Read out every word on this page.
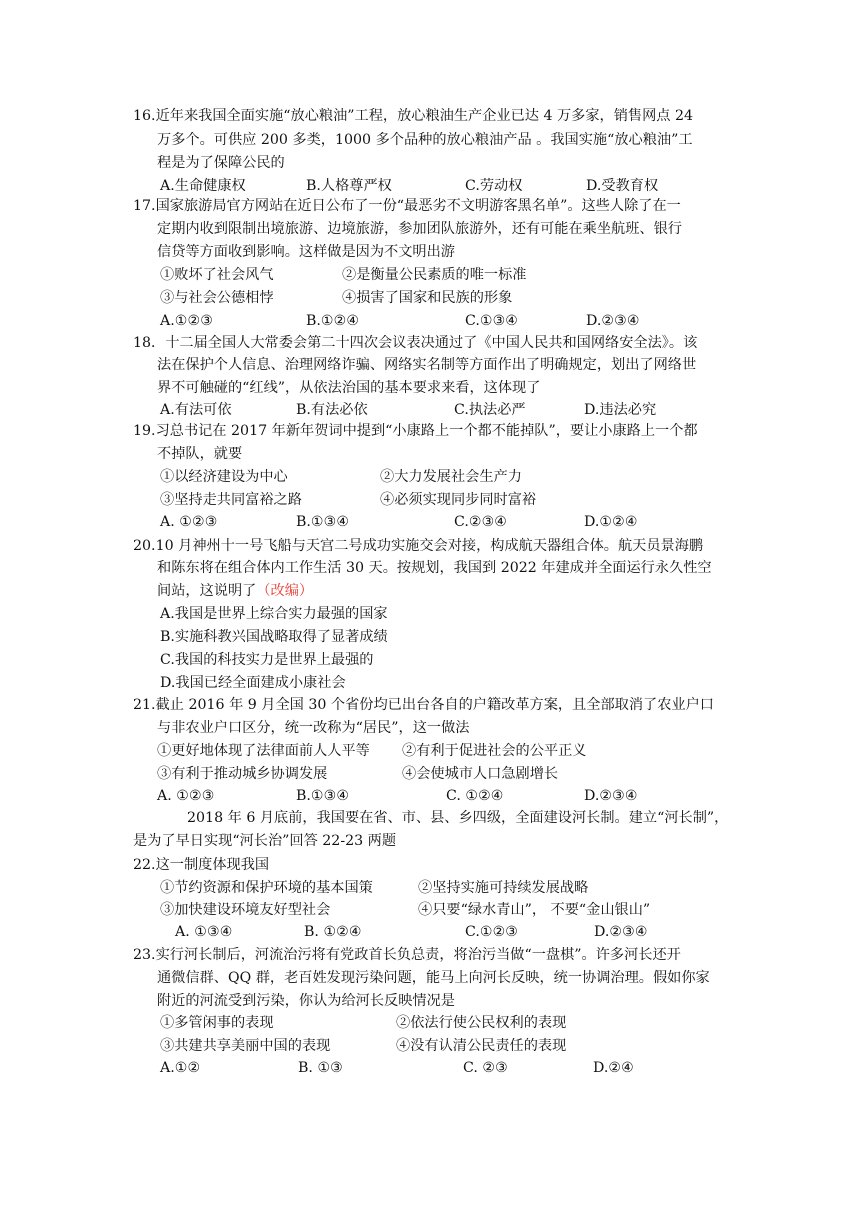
16.近年来我国全面实施“放心粮油”工程，放心粮油生产企业已达 4 万多家，销售网点 24
万多个。可供应 200 多类，1000 多个品种的放心粮油产品 。我国实施“放心粮油”工
程是为了保障公民的
A.生命健康权	B.人格尊严权	C.劳动权	D.受教育权
17.国家旅游局官方网站在近日公布了一份“最恶劣不文明游客黑名单”。这些人除了在一
定期内收到限制出境旅游、边境旅游，参加团队旅游外，还有可能在乘坐航班、银行
信贷等方面收到影响。这样做是因为不文明出游
①败坏了社会风气	②是衡量公民素质的唯一标准
③与社会公德相悖	④损害了国家和民族的形象
A.①②③	B.①②④	C.①③④	D.②③④
18．十二届全国人大常委会第二十四次会议表决通过了《中国人民共和国网络安全法》。该
法在保护个人信息、治理网络诈骗、网络实名制等方面作出了明确规定，划出了网络世
界不可触碰的“红线”，从依法治国的基本要求来看，这体现了
A.有法可依	B.有法必依	C.执法必严	D.违法必究
19.习总书记在 2017 年新年贺词中提到“小康路上一个都不能掉队”，要让小康路上一个都
不掉队，就要
①以经济建设为中心	②大力发展社会生产力
③坚持走共同富裕之路	④必须实现同步同时富裕
A. ①②③	B.①③④	C.②③④	D.①②④
20.10 月神州十一号飞船与天宫二号成功实施交会对接，构成航天器组合体。航天员景海鹏
和陈东将在组合体内工作生活 30 天。按规划，我国到 2022 年建成并全面运行永久性空
间站，这说明了（改编）
A.我国是世界上综合实力最强的国家
B.实施科教兴国战略取得了显著成绩
C.我国的科技实力是世界上最强的
D.我国已经全面建成小康社会
21.截止 2016 年 9 月全国 30 个省份均已出台各自的户籍改革方案，且全部取消了农业户口
与非农业户口区分，统一改称为“居民”，这一做法
①更好地体现了法律面前人人平等 ②有利于促进社会的公平正义
③有利于推动城乡协调发展	④会使城市人口急剧增长
A. ①②③	B.①③④	C. ①②④	D.②③④
2018 年 6 月底前，我国要在省、市、县、乡四级，全面建设河长制。建立“河长制”，
是为了早日实现“河长治”回答 22-23 两题
22.这一制度体现我国
①节约资源和保护环境的基本国策	②坚持实施可持续发展战略
③加快建设环境友好型社会	④只要“绿水青山”， 不要“金山银山”
A. ①③④	B. ①②④	C.①②③	D.②③④
23.实行河长制后，河流治污将有党政首长负总责，将治污当做“一盘棋”。许多河长还开
通微信群、QQ 群，老百姓发现污染问题，能马上向河长反映，统一协调治理。假如你家
附近的河流受到污染，你认为给河长反映情况是
①多管闲事的表现	②依法行使公民权利的表现
③共建共享美丽中国的表现	④没有认清公民责任的表现
A.①②	B. ①③	C. ②③	D.②④
